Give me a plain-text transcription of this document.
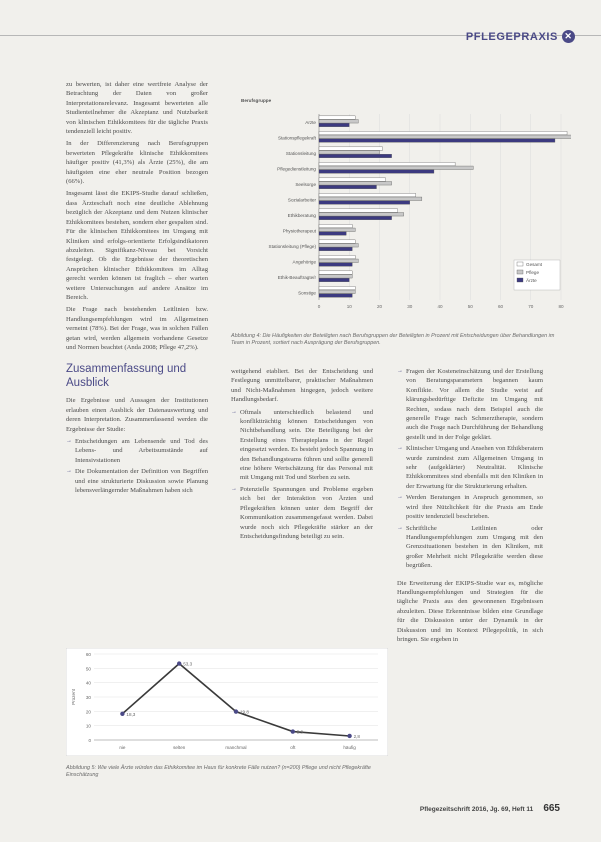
PFLEGEPRAXIS ✕

zu bewerten, ist daher eine wertfreie Analyse der Betrachtung der Daten von großer Interpretationsrelevanz. Insgesamt bewerteten alle Studienteilnehmer die Akzeptanz und Nutzbarkeit von klinischen Ethikkomitees für die tägliche Praxis tendenziell leicht positiv.

In der Differenzierung nach Berufsgruppen bewerteten Pflegekräfte klinische Ethikkomitees häufiger positiv (41,3%) als Ärzte (25%), die am häufigsten eine eher neutrale Position bezogen (66%).

Insgesamt lässt die EKIPS-Studie darauf schließen, dass Ärzteschaft noch eine deutliche Ablehnung bezüglich der Akzeptanz und dem Nutzen klinischer Ethikkomitees bestehen, sondern eher gespalten sind. Für die klinischen Ethikkomitees im Umgang mit Kliniken sind erfolgs-orientierte Erfolgsindikatoren abzuleiten. Signifikanz-Niveau bei Vorsicht festgelegt. Ob die Ergebnisse der theoretischen Ansprüchen klinischer Ethikkomitees im Alltag gerecht werden können ist fraglich – eher warten weitere Untersuchungen auf andere Ansätze im Bereich.

Die Frage nach bestehenden Leitlinien bzw. Handlungsempfehlungen wird im Allgemeinen verneint (78%). Bei der Frage, was in solchen Fällen getan wird, werden allgemein vorhandene Gesetze und Normen beachtet (Anda 2008; Pflege 47,2%).

Zusammenfassung und Ausblick

Die Ergebnisse und Aussagen der Institutionen erlauben einen Ausblick der Datenauswertung und deren Interpretation. Zusammenfassend werden die Ergebnisse der Studie:

→ Entscheidungen am Lebensende und Tod des Lebens- und Arbeitsumstände auf Intensivstationen
→ Die Dokumentation der Definition von Begriffen und eine strukturierte Diskussion sowie Planung lebensverlängernder Maßnahmen haben sich
Berufsgruppe
0	10	20	30	40	50	60	70	80
Arzte
Stationspflegekraft
Stationsleitung
Pflegedienstleitung
Seelsorge
Sozialarbeiter
Ethikberatung
Physiotherapeut
Stationsleitung (Pflege)
Angehörige
Ethik-Beauftragte/r
Sonstige
Gesamt
Pflege
Ärzte
Abbildung 4: Die Häufigkeiten der Beteiligten nach Berufsgruppen der Beteiligten in Prozent mit Entscheidungen über Behandlungen im Team in Prozent, sortiert nach Ausprägung der Berufsgruppen.

weitgehend etabliert. Bei der Entscheidung und Festlegung unmittelbarer, praktischer Maßnahmen und Nicht-Maßnahmen hingegen, jedoch weitere Handlungsbedarf.

→ Oftmals unterschiedlich belastend und konfliktträchtig können Entscheidungen von Nichtbehandlung sein. Die Beteiligung bei der Erstellung eines Therapieplans in der Regel eingesetzt werden. Es besteht jedoch Spannung in den Behandlungsteams führen und sollte generell eine höhere Wertschätzung für das Personal mit mit Umgang mit Tod und Sterben zu sein.
→ Potenzielle Spannungen und Probleme ergeben sich bei der Interaktion von Ärzten und Pflegekräften können unter dem Begriff der Kommunikation zusammengefasst werden. Dabei wurde noch sich Pflegekräfte stärker an der Entscheidungsfindung beteiligt zu sein.
→ Fragen der Kosteneinschätzung und der Erstellung von Beratungsparametern begannen kaum Konflikte. Vor allem die Studie weist auf klärungsbedürftige Defizite im Umgang mit Rechten, sodass nach dem Beispiel auch die generelle Frage nach Schmerztherapie, sondern auch die Frage nach Durchführung der Behandlung gestellt und in der Folge geklärt.
→ Klinischer Umgang und Ansehen von Ethikberatern wurde zumindest zum Allgemeinen Umgang in sehr (aufgeklärter) Neutralität. Klinische Ethikkommitees sind ebenfalls mit den Kliniken in der Erwartung für die Strukturierung erhalten.
→ Werden Beratungen in Anspruch genommen, so wird ihre Nützlichkeit für die Praxis am Ende positiv tendenziell beschrieben.
→ Schriftliche Leitlinien oder Handlungsempfehlungen zum Umgang mit den Grenzsituationen bestehen in den Kliniken, mit großer Mehrheit nicht Pflegekräfte werden diese begrüßen.

Die Erweiterung der EKIPS-Studie war es, mögliche Handlungsempfehlungen und Strategien für die tägliche Praxis aus den gewonnenen Ergebnissen abzuleiten. Diese Erkenntnisse bilden eine Grundlage für die Diskussion unter der Dynamik in der Diskussion und im Kontext Pflegepolitik, in sich bringen. Sie ergeben in

0
10
20
30
40
50
60
Prozent
nie	selten	manchmal	oft	häufig
18,3
53,3
19,8
5,9
2,8
Abbildung 5: Wie viele Ärzte würden das Ethikkomitee im Haus für konkrete Fälle nutzen? (n=200) Pflege und nicht Pflegekräfte Einschätzung
Pflegezeitschrift 2016, Jg. 69, Heft 11 665
